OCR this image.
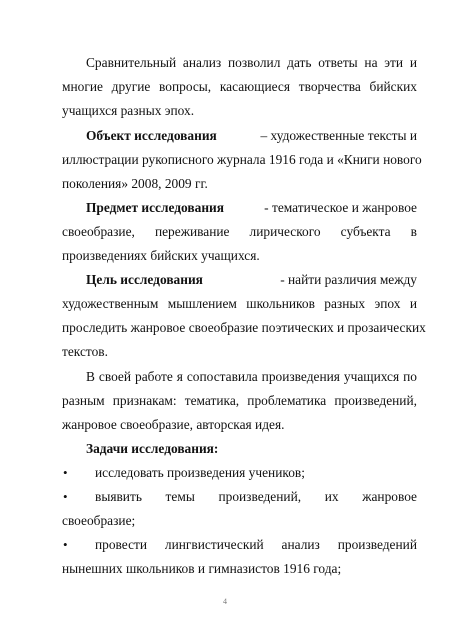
Сравнительный анализ позволил дать ответы на эти и
многие другие вопросы, касающиеся творчества бийских
учащихся разных эпох.
Объект исследования	– художественные тексты и
иллюстрации рукописного журнала 1916 года и «Книги нового
поколения» 2008, 2009 гг.
Предмет исследования	- тематическое и жанровое
своеобразие, переживание лирического субъекта в
произведениях бийских учащихся.
Цель исследования	- найти различия между
художественным мышлением школьников разных эпох и
проследить жанровое своеобразие поэтических и прозаических
текстов.
В своей работе я сопоставила произведения учащихся по
разным признакам: тематика, проблематика произведений,
жанровое своеобразие, авторская идея.
Задачи исследования:
• исследовать произведения учеников;
• выявить темы произведений, их жанровое
своеобразие;
• провести лингвистический анализ произведений
нынешних школьников и гимназистов 1916 года;
4
